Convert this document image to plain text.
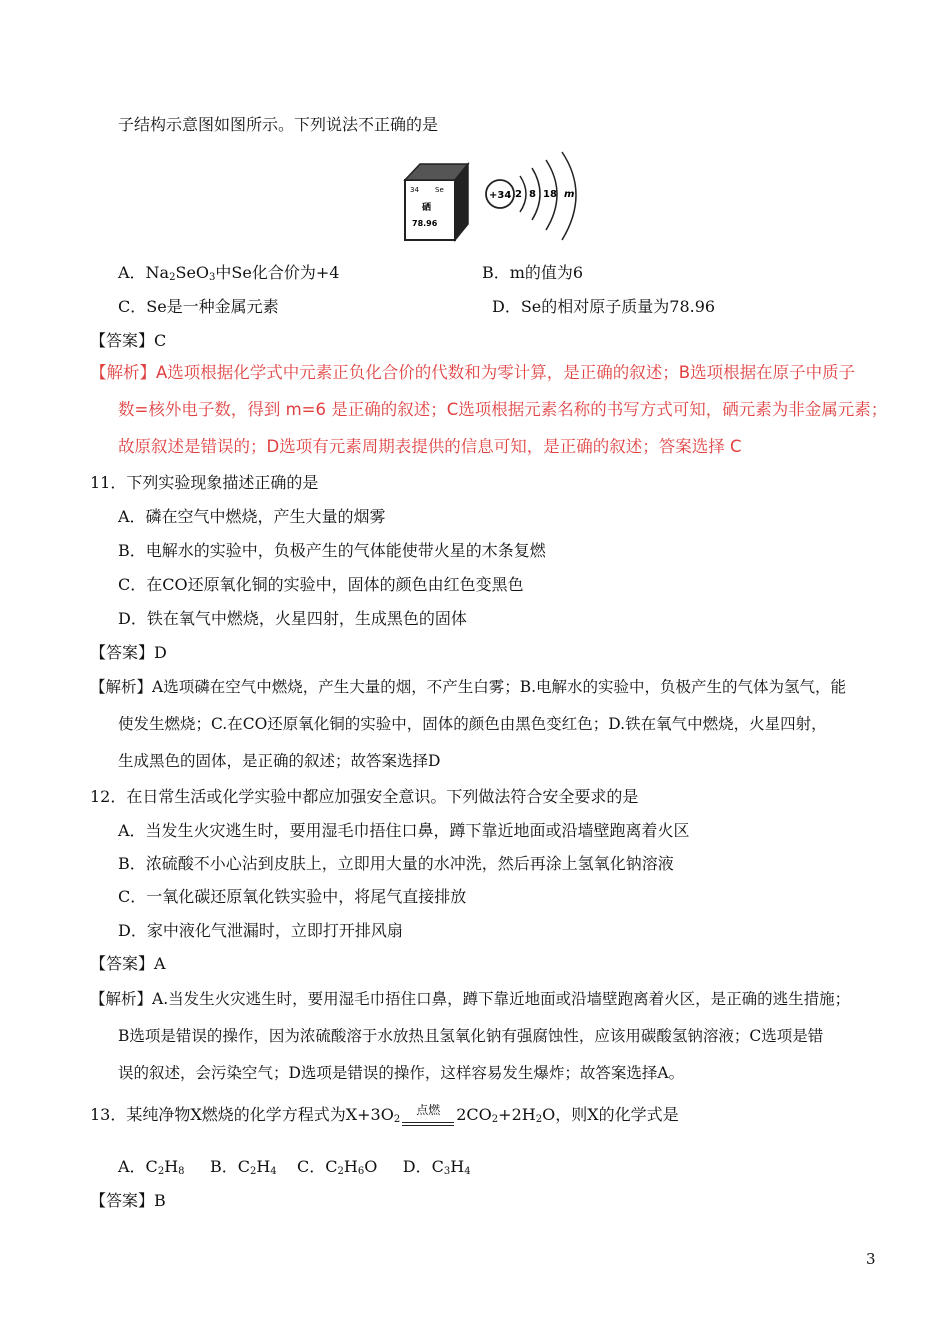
子结构示意图如图所示。下列说法不正确的是
34 Se
硒
78.96
+34 2 8 18 m
A．$Na_2SeO_3$中Se化合价为+4	B．m的值为6
C．Se是一种金属元素	D．Se的相对原子质量为78.96
【答案】C
【解析】A选项根据化学式中元素正负化合价的代数和为零计算，是正确的叙述；B选项根据在原子中质子
数=核外电子数，得到 m=6 是正确的叙述；C选项根据元素名称的书写方式可知，硒元素为非金属元素；
故原叙述是错误的；D选项有元素周期表提供的信息可知，是正确的叙述；答案选择 C
11．下列实验现象描述正确的是
A．磷在空气中燃烧，产生大量的烟雾
B．电解水的实验中，负极产生的气体能使带火星的木条复燃
C．在CO还原氧化铜的实验中，固体的颜色由红色变黑色
D．铁在氧气中燃烧，火星四射，生成黑色的固体
【答案】D
【解析】A选项磷在空气中燃烧，产生大量的烟，不产生白雾；B.电解水的实验中，负极产生的气体为氢气，能
使发生燃烧；C.在CO还原氧化铜的实验中，固体的颜色由黑色变红色；D.铁在氧气中燃烧，火星四射，
生成黑色的固体，是正确的叙述；故答案选择D
12．在日常生活或化学实验中都应加强安全意识。下列做法符合安全要求的是
A．当发生火灾逃生时，要用湿毛巾捂住口鼻，蹲下靠近地面或沿墙壁跑离着火区
B．浓硫酸不小心沾到皮肤上，立即用大量的水冲洗，然后再涂上氢氧化钠溶液
C．一氧化碳还原氧化铁实验中，将尾气直接排放
D．家中液化气泄漏时，立即打开排风扇
【答案】A
【解析】A.当发生火灾逃生时，要用湿毛巾捂住口鼻，蹲下靠近地面或沿墙壁跑离着火区，是正确的逃生措施；
B选项是错误的操作，因为浓硫酸溶于水放热且氢氧化钠有强腐蚀性，应该用碳酸氢钠溶液；C选项是错
误的叙述，会污染空气；D选项是错误的操作，这样容易发生爆炸；故答案选择A。
13．某纯净物X燃烧的化学方程式为$X+3O_2$点燃 $2CO_2+2H_2O$，则X的化学式是
A．$C_2H_8$ B．$C_2H_4$ C．$C_2H_6O$ D．$C_3H_4$
【答案】B
3
